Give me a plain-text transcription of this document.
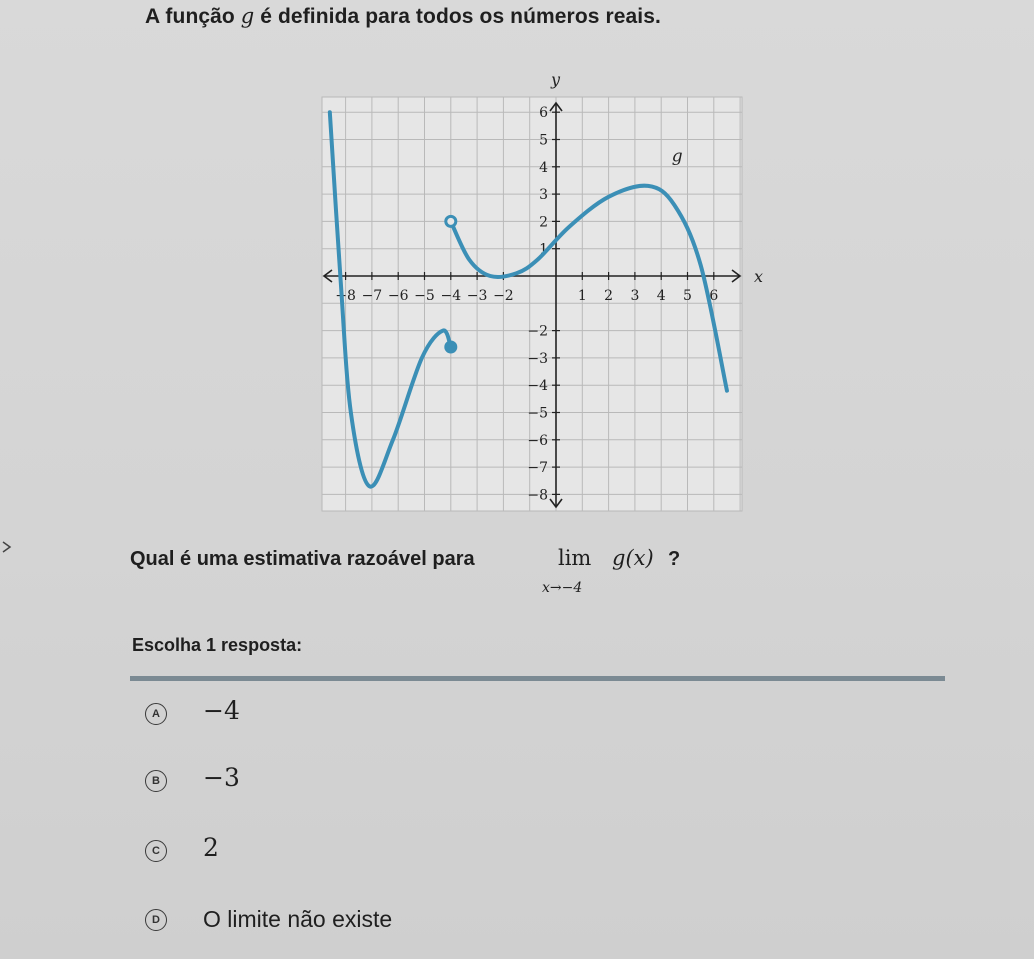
A função g é definida para todos os números reais.
x
y
−8 −7 −6 −5 −4 −3 −2	1 2 3 4 5 6
6
5
4
3
2
1
−2
−3
−4
−5
−6
−7
−8
g
Qual é uma estimativa razoável para	lim
x→−4
g(x) ?
Escolha 1 resposta:
A −4
B −3
C 2
D	O limite não existe
